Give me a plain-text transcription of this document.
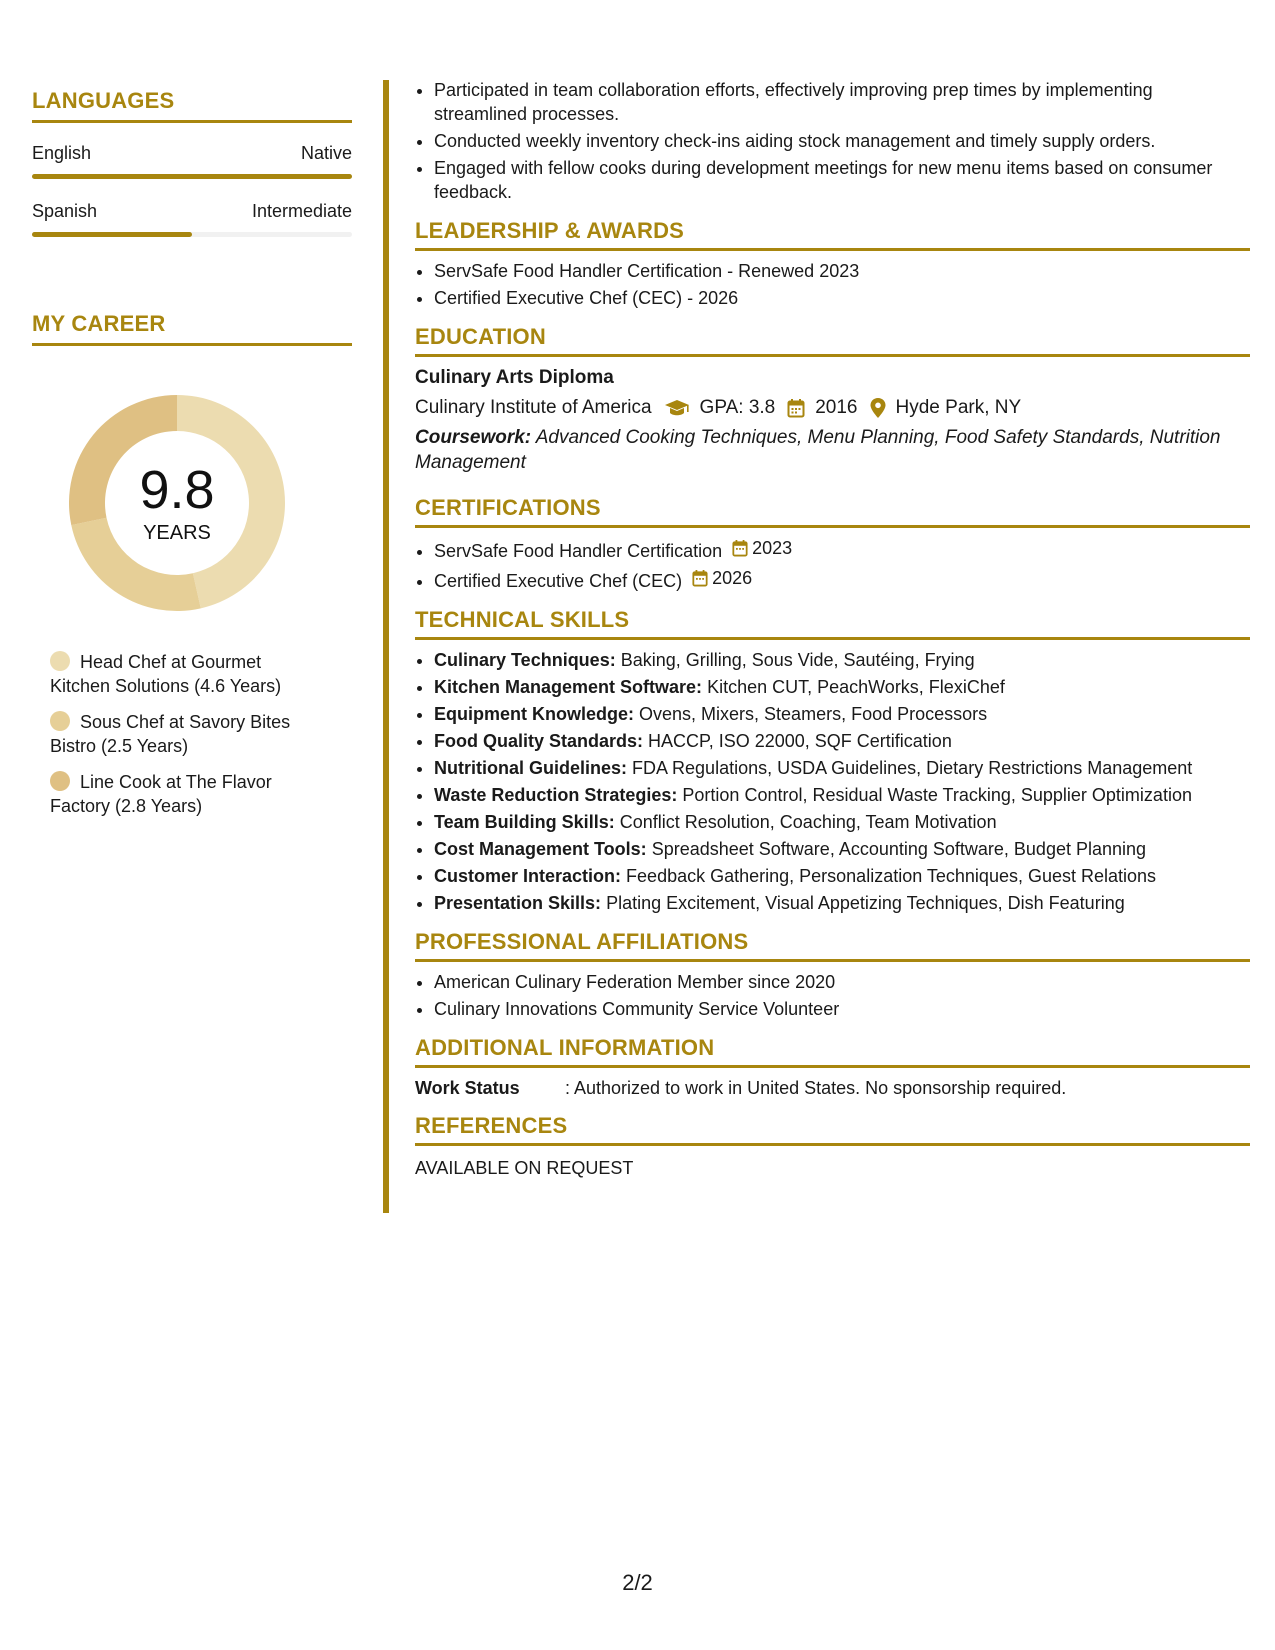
LANGUAGES
English	Native
Spanish	Intermediate
MY CAREER
9.8
YEARS
Head Chef at Gourmet Kitchen Solutions (4.6 Years)
Sous Chef at Savory Bites Bistro (2.5 Years)
Line Cook at The Flavor Factory (2.8 Years)
• Participated in team collaboration efforts, effectively improving prep times by implementing streamlined processes.
• Conducted weekly inventory check-ins aiding stock management and timely supply orders.
• Engaged with fellow cooks during development meetings for new menu items based on consumer feedback.
LEADERSHIP & AWARDS
• ServSafe Food Handler Certification - Renewed 2023
• Certified Executive Chef (CEC) - 2026
EDUCATION
Culinary Arts Diploma
Culinary Institute of America	GPA: 3.8 2016 Hyde Park, NY
Coursework: Advanced Cooking Techniques, Menu Planning, Food Safety Standards, Nutrition Management
CERTIFICATIONS
• ServSafe Food Handler Certification 2023
• Certified Executive Chef (CEC) 2026
TECHNICAL SKILLS
• Culinary Techniques: Baking, Grilling, Sous Vide, Sautéing, Frying
• Kitchen Management Software: Kitchen CUT, PeachWorks, FlexiChef
• Equipment Knowledge: Ovens, Mixers, Steamers, Food Processors
• Food Quality Standards: HACCP, ISO 22000, SQF Certification
• Nutritional Guidelines: FDA Regulations, USDA Guidelines, Dietary Restrictions Management
• Waste Reduction Strategies: Portion Control, Residual Waste Tracking, Supplier Optimization
• Team Building Skills: Conflict Resolution, Coaching, Team Motivation
• Cost Management Tools: Spreadsheet Software, Accounting Software, Budget Planning
• Customer Interaction: Feedback Gathering, Personalization Techniques, Guest Relations
• Presentation Skills: Plating Excitement, Visual Appetizing Techniques, Dish Featuring
PROFESSIONAL AFFILIATIONS
• American Culinary Federation Member since 2020
• Culinary Innovations Community Service Volunteer
ADDITIONAL INFORMATION
Work Status	: Authorized to work in United States. No sponsorship required.
REFERENCES
AVAILABLE ON REQUEST
2/2
